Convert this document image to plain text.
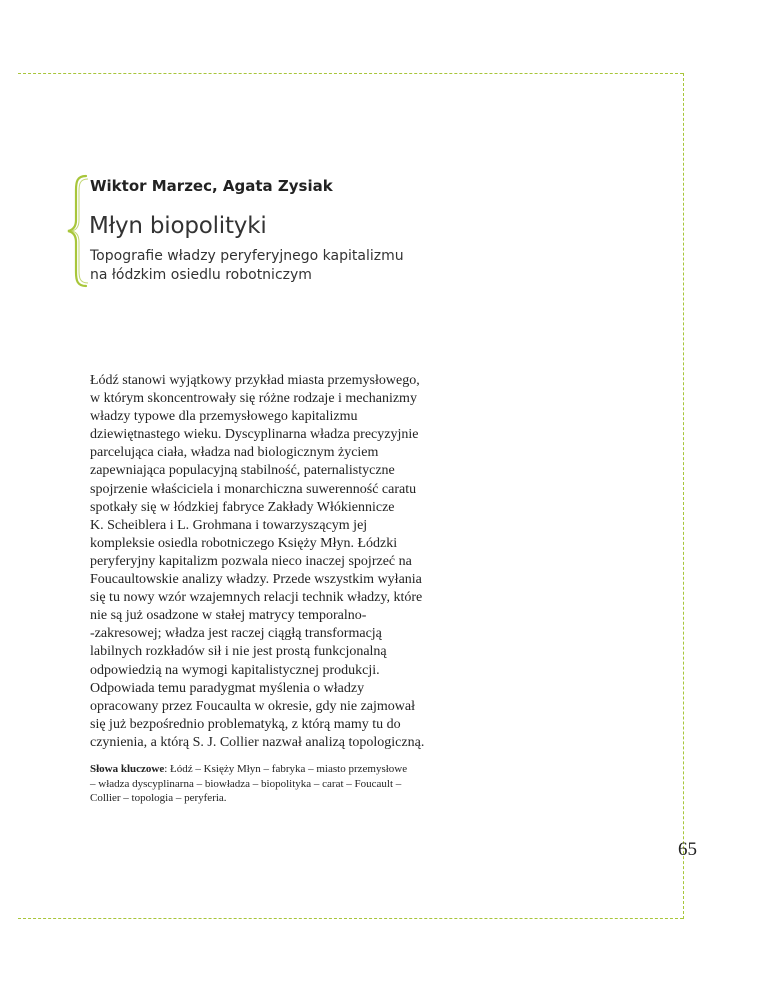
Wiktor Marzec, Agata Zysiak
Młyn biopolityki
Topografie władzy peryferyjnego kapitalizmu
na łódzkim osiedlu robotniczym
Łódź stanowi wyjątkowy przykład miasta przemysłowego,
w którym skoncentrowały się różne rodzaje i mechanizmy
władzy typowe dla przemysłowego kapitalizmu
dziewiętnastego wieku. Dyscyplinarna władza precyzyjnie
parcelująca ciała, władza nad biologicznym życiem
zapewniająca populacyjną stabilność, paternalistyczne
spojrzenie właściciela i monarchiczna suwerenność caratu
spotkały się w łódzkiej fabryce Zakłady Włókiennicze
K. Scheiblera i L. Grohmana i towarzyszącym jej
kompleksie osiedla robotniczego Księży Młyn. Łódzki
peryferyjny kapitalizm pozwala nieco inaczej spojrzeć na
Foucaultowskie analizy władzy. Przede wszystkim wyłania
się tu nowy wzór wzajemnych relacji technik władzy, które
nie są już osadzone w stałej matrycy temporalno-
-zakresowej; władza jest raczej ciągłą transformacją
labilnych rozkładów sił i nie jest prostą funkcjonalną
odpowiedzią na wymogi kapitalistycznej produkcji.
Odpowiada temu paradygmat myślenia o władzy
opracowany przez Foucaulta w okresie, gdy nie zajmował
się już bezpośrednio problematyką, z którą mamy tu do
czynienia, a którą S. J. Collier nazwał analizą topologiczną.
Słowa kluczowe: Łódź – Księży Młyn – fabryka – miasto przemysłowe
– władza dyscyplinarna – biowładza – biopolityka – carat – Foucault –
Collier – topologia – peryferia.
65
